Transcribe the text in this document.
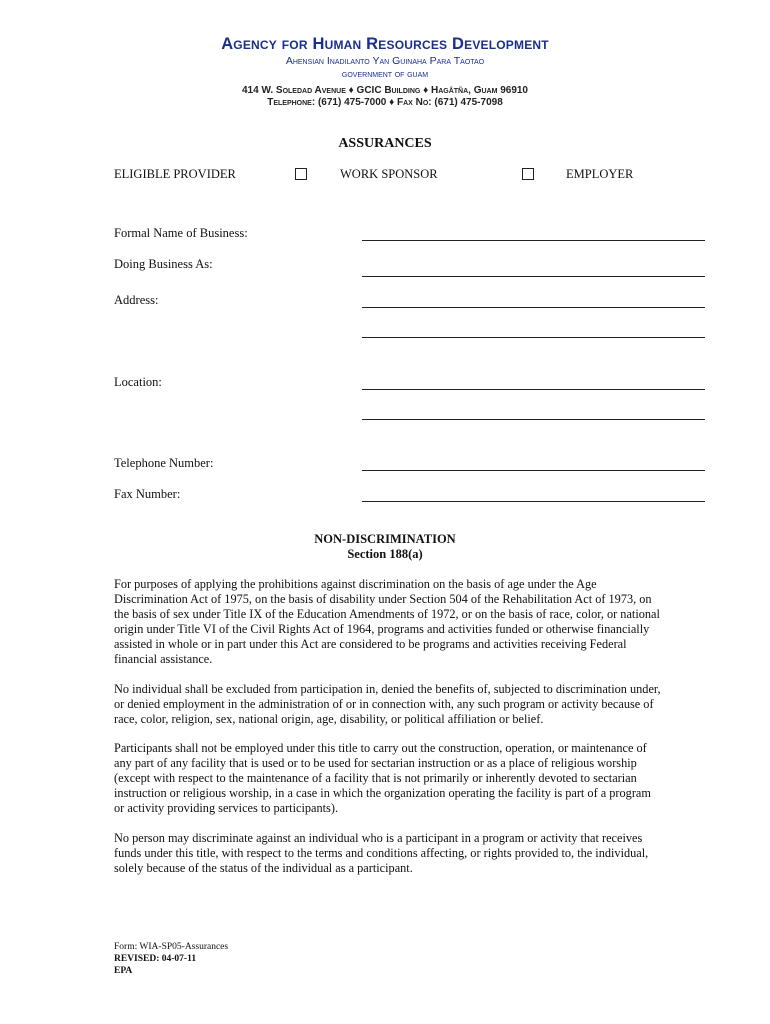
Agency for Human Resources Development
Ahensian Inadilanto Yan Guinaha Para Taotao
government of guam
414 W. Soledad Avenue ♦ GCIC Building ♦ Hagåtña, Guam 96910
Telephone: (671) 475-7000 ♦ Fax No: (671) 475-7098
ASSURANCES
ELIGIBLE PROVIDER	WORK SPONSOR	EMPLOYER
Formal Name of Business:
Doing Business As:
Address:
Location:
Telephone Number:
Fax Number:
NON-DISCRIMINATION
Section 188(a)

For purposes of applying the prohibitions against discrimination on the basis of age under the Age Discrimination Act of 1975, on the basis of disability under Section 504 of the Rehabilitation Act of 1973, on the basis of sex under Title IX of the Education Amendments of 1972, or on the basis of race, color, or national origin under Title VI of the Civil Rights Act of 1964, programs and activities funded or otherwise financially assisted in whole or in part under this Act are considered to be programs and activities receiving Federal financial assistance.

No individual shall be excluded from participation in, denied the benefits of, subjected to discrimination under, or denied employment in the administration of or in connection with, any such program or activity because of race, color, religion, sex, national origin, age, disability, or political affiliation or belief.

Participants shall not be employed under this title to carry out the construction, operation, or maintenance of any part of any facility that is used or to be used for sectarian instruction or as a place of religious worship (except with respect to the maintenance of a facility that is not primarily or inherently devoted to sectarian instruction or religious worship, in a case in which the organization operating the facility is part of a program or activity providing services to participants).

No person may discriminate against an individual who is a participant in a program or activity that receives funds under this title, with respect to the terms and conditions affecting, or rights provided to, the individual, solely because of the status of the individual as a participant.

Form: WIA-SP05-Assurances
REVISED: 04-07-11
EPA
